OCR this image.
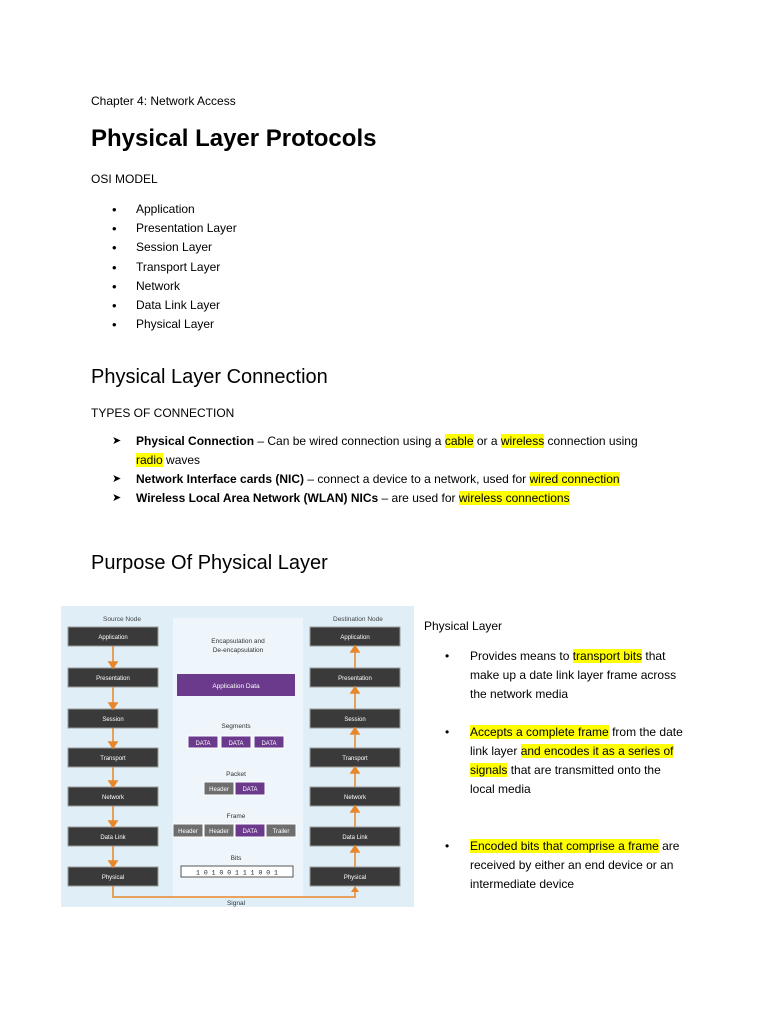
Chapter 4: Network Access
Physical Layer Protocols
OSI MODEL
• Application
• Presentation Layer
• Session Layer
• Transport Layer
• Network
• Data Link Layer
• Physical Layer
Physical Layer Connection
TYPES OF CONNECTION
➤ Physical Connection – Can be wired connection using a cable or a wireless connection using
radio waves
➤ Network Interface cards (NIC) – connect a device to a network, used for wired connection
➤ Wireless Local Area Network (WLAN) NICs – are used for wireless connections
Purpose Of Physical Layer
Source Node	Destination Node
Application
Presentation
Session
Transport
Network
Data Link
Physical
Application
Presentation
Session
Transport
Network
Data Link
Physical
Encapsulation and
De-encapsulation
Application Data
Segments
DATA	DATA	DATA
Packet
Header DATA
Frame
Header Header DATA	Trailer
Bits
1 0 1 0 0 1 1 1 0 0 1
Signal
Physical Layer
• Provides means to transport bits that make up a date link layer frame across the network media
• Accepts a complete frame from the date link layer and encodes it as a series of signals that are transmitted onto the local media
• Encoded bits that comprise a frame are received by either an end device or an intermediate device
